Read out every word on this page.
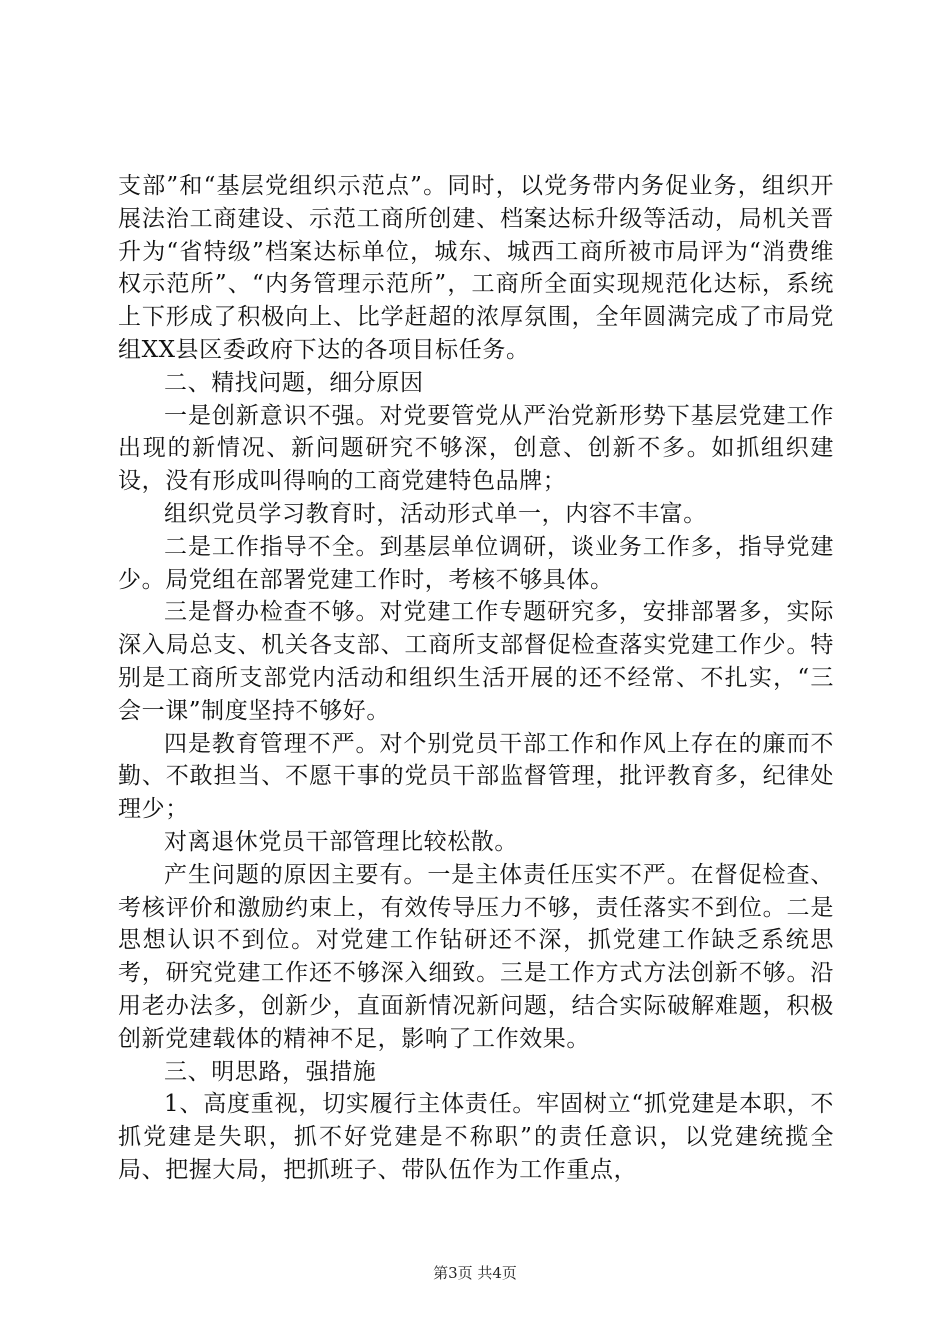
支部”和“基层党组织示范点”。同时，以党务带内务促业务，组织开展法治工商建设、示范工商所创建、档案达标升级等活动，局机关晋升为“省特级”档案达标单位，城东、城西工商所被市局评为“消费维权示范所”、“内务管理示范所”，工商所全面实现规范化达标，系统上下形成了积极向上、比学赶超的浓厚氛围，全年圆满完成了市局党组XX县区委政府下达的各项目标任务。

二、精找问题，细分原因

一是创新意识不强。对党要管党从严治党新形势下基层党建工作出现的新情况、新问题研究不够深，创意、创新不多。如抓组织建设，没有形成叫得响的工商党建特色品牌；

组织党员学习教育时，活动形式单一，内容不丰富。

二是工作指导不全。到基层单位调研，谈业务工作多，指导党建少。局党组在部署党建工作时，考核不够具体。

三是督办检查不够。对党建工作专题研究多，安排部署多，实际深入局总支、机关各支部、工商所支部督促检查落实党建工作少。特别是工商所支部党内活动和组织生活开展的还不经常、不扎实，“三会一课”制度坚持不够好。

四是教育管理不严。对个别党员干部工作和作风上存在的廉而不勤、不敢担当、不愿干事的党员干部监督管理，批评教育多，纪律处理少；

对离退休党员干部管理比较松散。

产生问题的原因主要有。一是主体责任压实不严。在督促检查、考核评价和激励约束上，有效传导压力不够，责任落实不到位。二是思想认识不到位。对党建工作钻研还不深，抓党建工作缺乏系统思考，研究党建工作还不够深入细致。三是工作方式方法创新不够。沿用老办法多，创新少，直面新情况新问题，结合实际破解难题，积极创新党建载体的精神不足，影响了工作效果。

三、明思路，强措施

1、高度重视，切实履行主体责任。牢固树立“抓党建是本职，不抓党建是失职，抓不好党建是不称职”的责任意识，以党建统揽全局、把握大局，把抓班子、带队伍作为工作重点，

第3页 共4页
